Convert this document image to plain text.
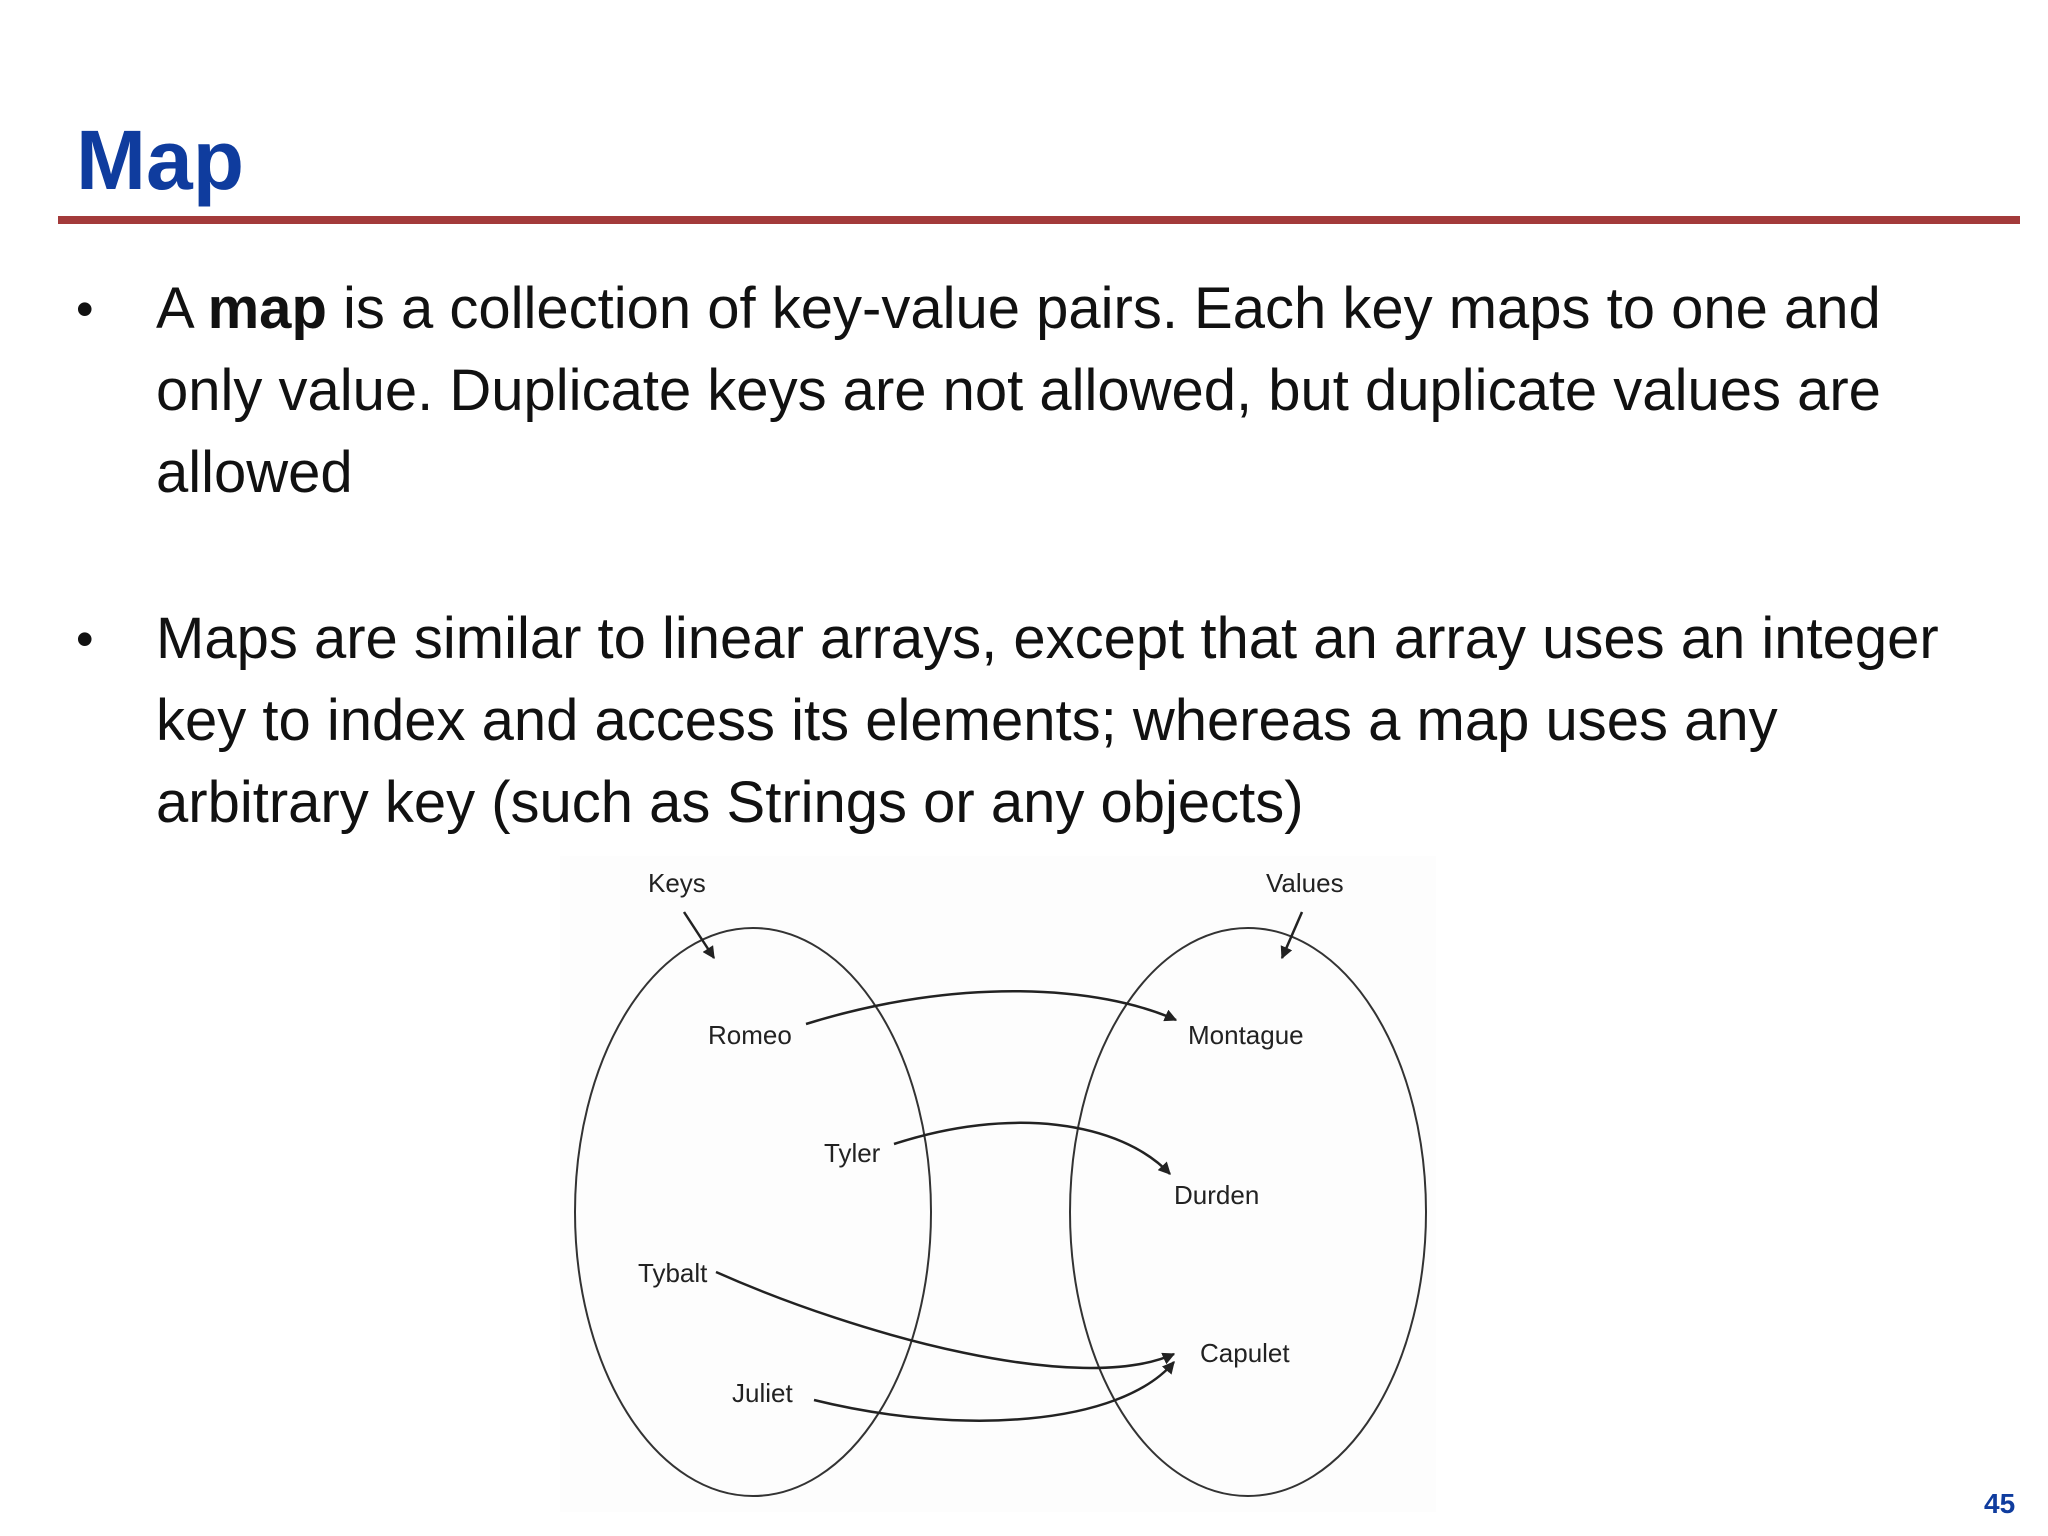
Map
• A map is a collection of key-value pairs. Each key maps to one and only value. Duplicate keys are not allowed, but duplicate values are allowed
• Maps are similar to linear arrays, except that an array uses an integer key to index and access its elements; whereas a map uses any arbitrary key (such as Strings or any objects)
Keys	Values
Romeo
Tyler
Tybalt
Juliet
Montague
Durden
Capulet
45
